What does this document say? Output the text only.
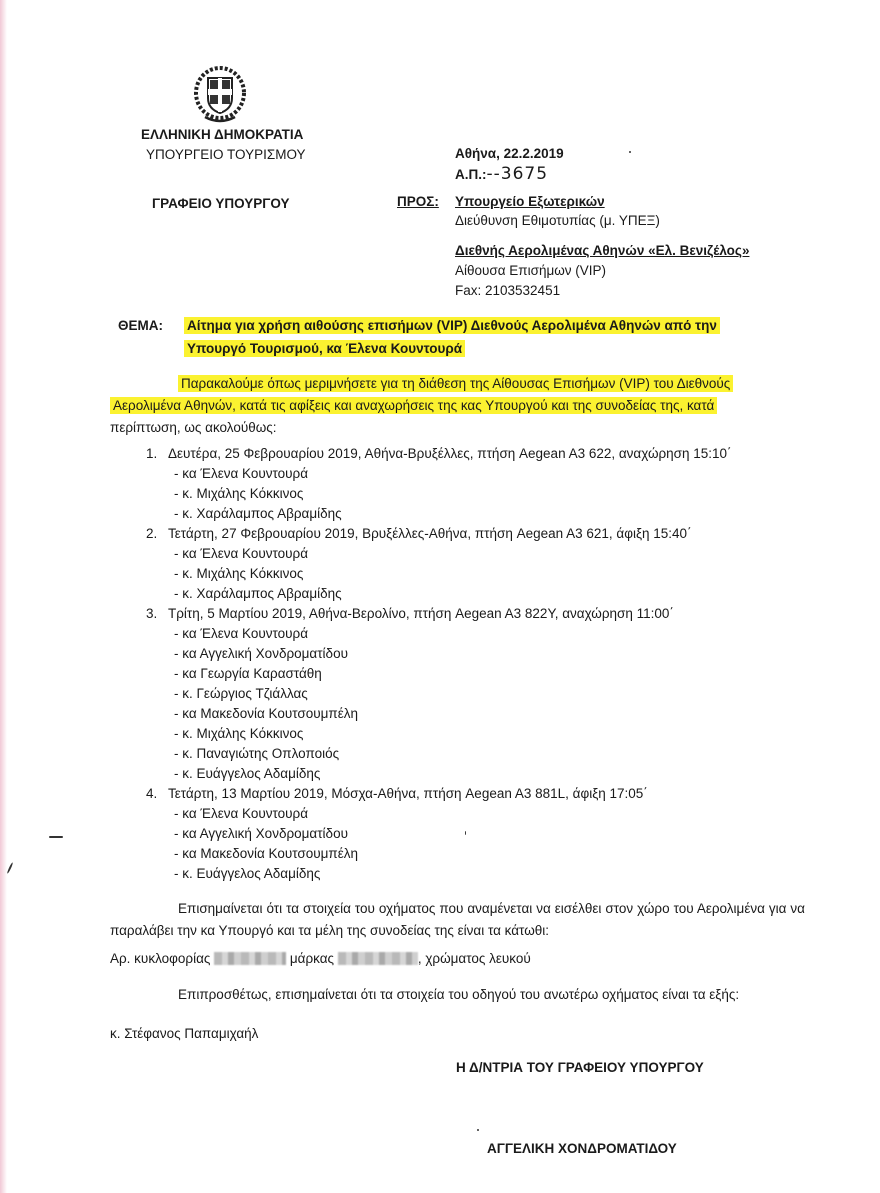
ΕΛΛΗΝΙΚΗ ΔΗΜΟΚΡΑΤΙΑ
ΥΠΟΥΡΓΕΙΟ ΤΟΥΡΙΣΜΟΥ
ΓΡΑΦΕΙΟ ΥΠΟΥΡΓΟΥ
Αθήνα, 22.2.2019
Α.Π.:--3675
ΠΡΟΣ: Υπουργείο Εξωτερικών
Διεύθυνση Εθιμοτυπίας (μ. ΥΠΕΞ)
Διεθνής Αερολιμένας Αθηνών «Ελ. Βενιζέλος»
Αίθουσα Επισήμων (VIP)
Fax: 2103532451
ΘΕΜΑ: Αίτημα για χρήση αιθούσης επισήμων (VIP) Διεθνούς Αερολιμένα Αθηνών από την
Υπουργό Τουρισμού, κα Έλενα Κουντουρά
Παρακαλούμε όπως μεριμνήσετε για τη διάθεση της Αίθουσας Επισήμων (VIP) του Διεθνούς
Αερολιμένα Αθηνών, κατά τις αφίξεις και αναχωρήσεις της κας Υπουργού και της συνοδείας της, κατά
περίπτωση, ως ακολούθως:
1. Δευτέρα, 25 Φεβρουαρίου 2019, Αθήνα-Βρυξέλλες, πτήση Aegean A3 622, αναχώρηση 15:10΄
- κα Έλενα Κουντουρά
- κ. Μιχάλης Κόκκινος
- κ. Χαράλαμπος Αβραμίδης
2. Τετάρτη, 27 Φεβρουαρίου 2019, Βρυξέλλες-Αθήνα, πτήση Aegean A3 621, άφιξη 15:40΄
- κα Έλενα Κουντουρά
- κ. Μιχάλης Κόκκινος
- κ. Χαράλαμπος Αβραμίδης
3. Τρίτη, 5 Μαρτίου 2019, Αθήνα-Βερολίνο, πτήση Aegean A3 822Y, αναχώρηση 11:00΄
- κα Έλενα Κουντουρά
- κα Αγγελική Χονδροματίδου
- κα Γεωργία Καραστάθη
- κ. Γεώργιος Τζιάλλας
- κα Μακεδονία Κουτσουμπέλη
- κ. Μιχάλης Κόκκινος
- κ. Παναγιώτης Οπλοποιός
- κ. Ευάγγελος Αδαμίδης
4. Τετάρτη, 13 Μαρτίου 2019, Μόσχα-Αθήνα, πτήση Aegean A3 881L, άφιξη 17:05΄
- κα Έλενα Κουντουρά
- κα Αγγελική Χονδροματίδου
- κα Μακεδονία Κουτσουμπέλη
- κ. Ευάγγελος Αδαμίδης
Επισημαίνεται ότι τα στοιχεία του οχήματος που αναμένεται να εισέλθει στον χώρο του Αερολιμένα για να παραλάβει την κα Υπουργό και τα μέλη της συνοδείας της είναι τα κάτωθι:
Αρ. κυκλοφορίας	μάρκας	, χρώματος λευκού
Επιπροσθέτως, επισημαίνεται ότι τα στοιχεία του οδηγού του ανωτέρω οχήματος είναι τα εξής:
κ. Στέφανος Παπαμιχαήλ
Η Δ/ΝΤΡΙΑ ΤΟΥ ΓΡΑΦΕΙΟΥ ΥΠΟΥΡΓΟΥ
ΑΓΓΕΛΙΚΗ ΧΟΝΔΡΟΜΑΤΙΔΟΥ
